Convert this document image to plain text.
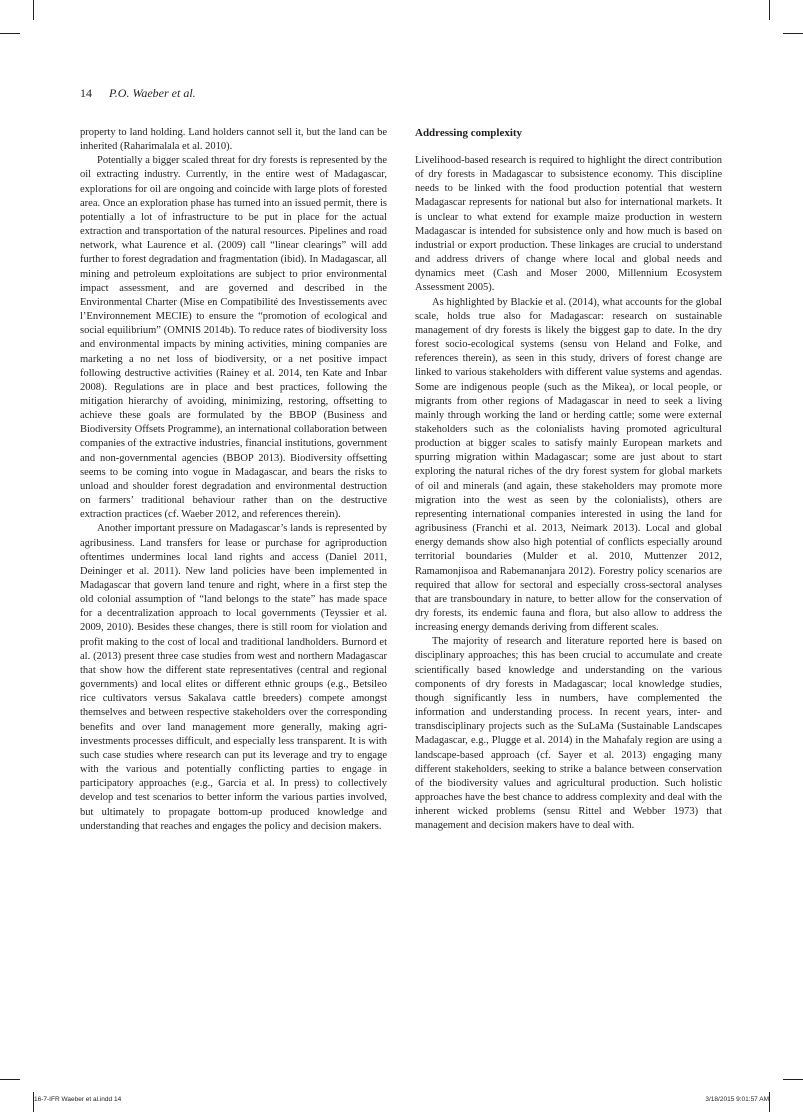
14 P.O. Waeber et al.

property to land holding. Land holders cannot sell it, but the land can be inherited (Raharimalala et al. 2010).

Potentially a bigger scaled threat for dry forests is represented by the oil extracting industry. Currently, in the entire west of Madagascar, explorations for oil are ongoing and coincide with large plots of forested area. Once an exploration phase has turned into an issued permit, there is potentially a lot of infrastructure to be put in place for the actual extraction and transportation of the natural resources. Pipelines and road network, what Laurence et al. (2009) call “linear clearings” will add further to forest degradation and fragmentation (ibid). In Madagascar, all mining and petroleum exploitations are subject to prior environmental impact assessment, and are governed and described in the Environmental Charter (Mise en Compatibilité des Investissements avec l’Environnement MECIE) to ensure the “promotion of ecological and social equilibrium” (OMNIS 2014b). To reduce rates of biodiversity loss and environmental impacts by mining activities, mining companies are marketing a no net loss of biodiversity, or a net positive impact following destructive activities (Rainey et al. 2014, ten Kate and Inbar 2008). Regulations are in place and best practices, following the mitigation hierarchy of avoiding, minimizing, restoring, offsetting to achieve these goals are formulated by the BBOP (Business and Biodiversity Offsets Programme), an international collaboration between companies of the extractive industries, financial institutions, government and non-governmental agencies (BBOP 2013). Biodiversity offsetting seems to be coming into vogue in Madagascar, and bears the risks to unload and shoulder forest degradation and environmental destruction on farmers’ traditional behaviour rather than on the destructive extraction practices (cf. Waeber 2012, and references therein).

Another important pressure on Madagascar’s lands is represented by agribusiness. Land transfers for lease or purchase for agriproduction oftentimes undermines local land rights and access (Daniel 2011, Deininger et al. 2011). New land policies have been implemented in Madagascar that govern land tenure and right, where in a first step the old colonial assumption of “land belongs to the state” has made space for a decentralization approach to local governments (Teyssier et al. 2009, 2010). Besides these changes, there is still room for violation and profit making to the cost of local and traditional landholders. Burnord et al. (2013) present three case studies from west and northern Madagascar that show how the different state representatives (central and regional governments) and local elites or different ethnic groups (e.g., Betsileo rice cultivators versus Sakalava cattle breeders) compete amongst themselves and between respective stakeholders over the corresponding benefits and over land management more generally, making agri-investments processes difficult, and especially less transparent. It is with such case studies where research can put its leverage and try to engage with the various and potentially conflicting parties to engage in participatory approaches (e.g., Garcia et al. In press) to collectively develop and test scenarios to better inform the various parties involved, but ultimately to propagate bottom-up produced knowledge and understanding that reaches and engages the policy and decision makers.

Addressing complexity

Livelihood-based research is required to highlight the direct contribution of dry forests in Madagascar to subsistence economy. This discipline needs to be linked with the food production potential that western Madagascar represents for national but also for international markets. It is unclear to what extend for example maize production in western Madagascar is intended for subsistence only and how much is based on industrial or export production. These linkages are crucial to understand and address drivers of change where local and global needs and dynamics meet (Cash and Moser 2000, Millennium Ecosystem Assessment 2005).

As highlighted by Blackie et al. (2014), what accounts for the global scale, holds true also for Madagascar: research on sustainable management of dry forests is likely the biggest gap to date. In the dry forest socio-ecological systems (sensu von Heland and Folke, and references therein), as seen in this study, drivers of forest change are linked to various stakeholders with different value systems and agendas. Some are indigenous people (such as the Mikea), or local people, or migrants from other regions of Madagascar in need to seek a living mainly through working the land or herding cattle; some were external stakeholders such as the colonialists having promoted agricultural production at bigger scales to satisfy mainly European markets and spurring migration within Madagascar; some are just about to start exploring the natural riches of the dry forest system for global markets of oil and minerals (and again, these stakeholders may promote more migration into the west as seen by the colonialists), others are representing international companies interested in using the land for agribusiness (Franchi et al. 2013, Neimark 2013). Local and global energy demands show also high potential of conflicts especially around territorial boundaries (Mulder et al. 2010, Muttenzer 2012, Ramamonjisoa and Rabemananjara 2012). Forestry policy scenarios are required that allow for sectoral and especially cross-sectoral analyses that are transboundary in nature, to better allow for the conservation of dry forests, its endemic fauna and flora, but also allow to address the increasing energy demands deriving from different scales.

The majority of research and literature reported here is based on disciplinary approaches; this has been crucial to accumulate and create scientifically based knowledge and understanding on the various components of dry forests in Madagascar; local knowledge studies, though significantly less in numbers, have complemented the information and understanding process. In recent years, inter- and transdisciplinary projects such as the SuLaMa (Sustainable Landscapes Madagascar, e.g., Plugge et al. 2014) in the Mahafaly region are using a landscape-based approach (cf. Sayer et al. 2013) engaging many different stakeholders, seeking to strike a balance between conservation of the biodiversity values and agricultural production. Such holistic approaches have the best chance to address complexity and deal with the inherent wicked problems (sensu Rittel and Webber 1973) that management and decision makers have to deal with.

16-7-IFR Waeber et al.indd 14	3/18/2015 9:01:57 AM
